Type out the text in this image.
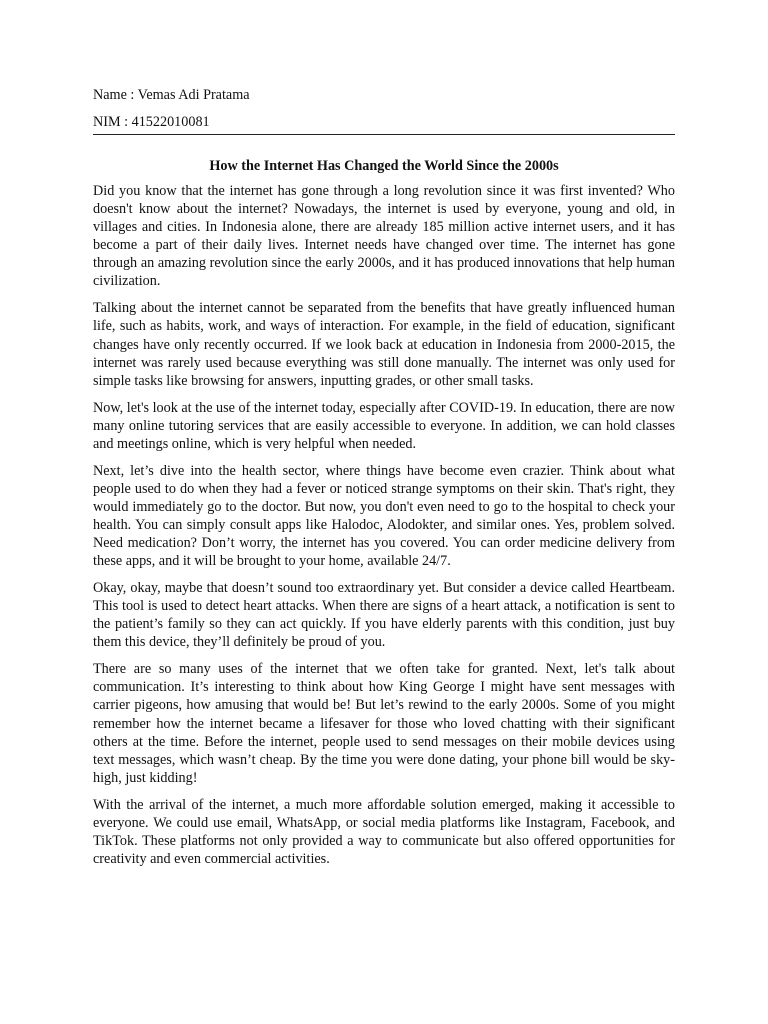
Name : Vemas Adi Pratama

NIM : 41522010081

How the Internet Has Changed the World Since the 2000s

Did you know that the internet has gone through a long revolution since it was first invented? Who doesn't know about the internet? Nowadays, the internet is used by everyone, young and old, in villages and cities. In Indonesia alone, there are already 185 million active internet users, and it has become a part of their daily lives. Internet needs have changed over time. The internet has gone through an amazing revolution since the early 2000s, and it has produced innovations that help human civilization.

Talking about the internet cannot be separated from the benefits that have greatly influenced human life, such as habits, work, and ways of interaction. For example, in the field of education, significant changes have only recently occurred. If we look back at education in Indonesia from 2000-2015, the internet was rarely used because everything was still done manually. The internet was only used for simple tasks like browsing for answers, inputting grades, or other small tasks.

Now, let's look at the use of the internet today, especially after COVID-19. In education, there are now many online tutoring services that are easily accessible to everyone. In addition, we can hold classes and meetings online, which is very helpful when needed.

Next, let’s dive into the health sector, where things have become even crazier. Think about what people used to do when they had a fever or noticed strange symptoms on their skin. That's right, they would immediately go to the doctor. But now, you don't even need to go to the hospital to check your health. You can simply consult apps like Halodoc, Alodokter, and similar ones. Yes, problem solved. Need medication? Don’t worry, the internet has you covered. You can order medicine delivery from these apps, and it will be brought to your home, available 24/7.

Okay, okay, maybe that doesn’t sound too extraordinary yet. But consider a device called Heartbeam. This tool is used to detect heart attacks. When there are signs of a heart attack, a notification is sent to the patient’s family so they can act quickly. If you have elderly parents with this condition, just buy them this device, they’ll definitely be proud of you.

There are so many uses of the internet that we often take for granted. Next, let's talk about communication. It’s interesting to think about how King George I might have sent messages with carrier pigeons, how amusing that would be! But let’s rewind to the early 2000s. Some of you might remember how the internet became a lifesaver for those who loved chatting with their significant others at the time. Before the internet, people used to send messages on their mobile devices using text messages, which wasn’t cheap. By the time you were done dating, your phone bill would be sky-high, just kidding!

With the arrival of the internet, a much more affordable solution emerged, making it accessible to everyone. We could use email, WhatsApp, or social media platforms like Instagram, Facebook, and TikTok. These platforms not only provided a way to communicate but also offered opportunities for creativity and even commercial activities.
